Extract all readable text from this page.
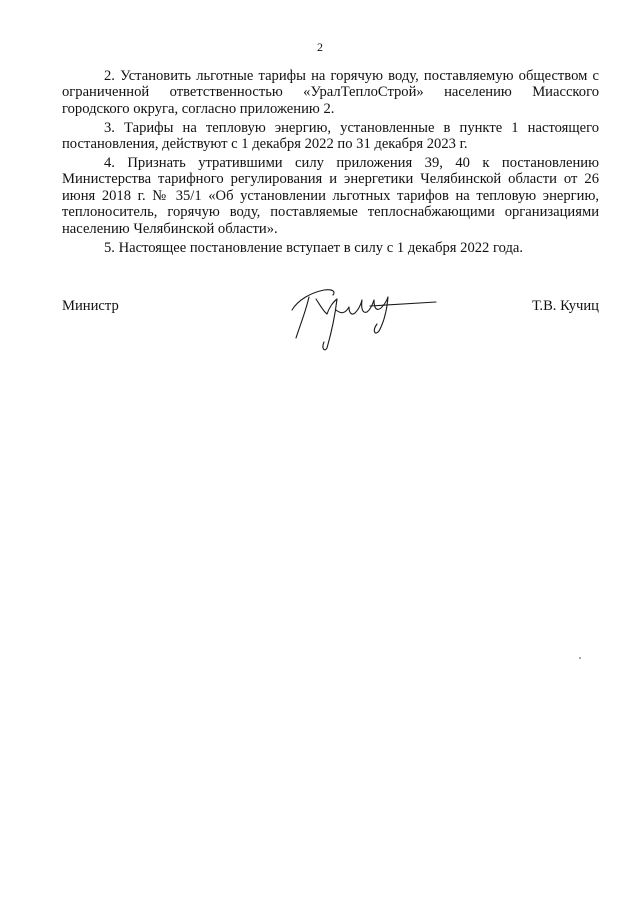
2

2. Установить льготные тарифы на горячую воду, поставляемую обществом с ограниченной ответственностью «УралТеплоСтрой» населению Миасского городского округа, согласно приложению 2.

3. Тарифы на тепловую энергию, установленные в пункте 1 настоящего постановления, действуют с 1 декабря 2022 по 31 декабря 2023 г.

4. Признать утратившими силу приложения 39, 40 к постановлению Министерства тарифного регулирования и энергетики Челябинской области от 26 июня 2018 г. № 35/1 «Об установлении льготных тарифов на тепловую энергию, теплоноситель, горячую воду, поставляемые теплоснабжающими организациями населению Челябинской области».

5. Настоящее постановление вступает в силу с 1 декабря 2022 года.

Министр	Т.В. Кучиц
